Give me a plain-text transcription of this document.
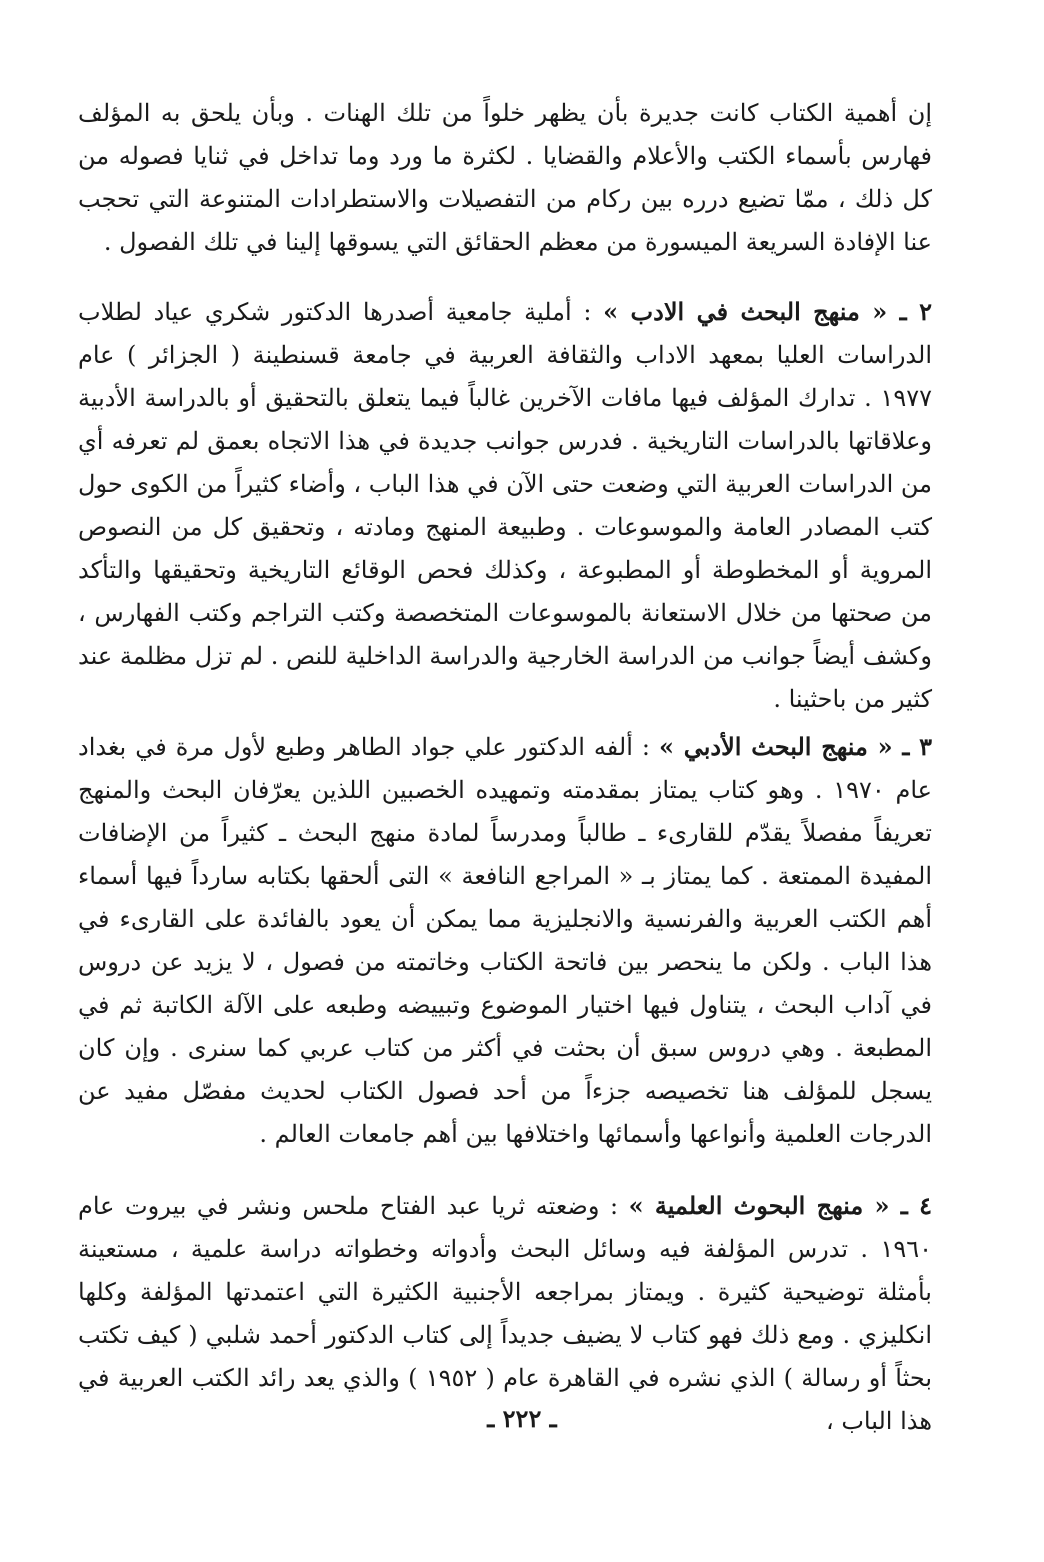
إن أهمية الكتاب كانت جديرة بأن يظهر خلواً من تلك الهنات . وبأن يلحق به المؤلف فهارس بأسماء الكتب والأعلام والقضايا . لكثرة ما ورد وما تداخل في ثنايا فصوله من كل ذلك ، ممّا تضيع درره بين ركام من التفصيلات والاستطرادات المتنوعة التي تحجب عنا الإفادة السريعة الميسورة من معظم الحقائق التي يسوقها إلينا في تلك الفصول .

٢ ـ « منهج البحث في الادب » : أملية جامعية أصدرها الدكتور شكري عياد لطلاب الدراسات العليا بمعهد الاداب والثقافة العربية في جامعة قسنطينة ( الجزائر ) عام ١٩٧٧ . تدارك المؤلف فيها مافات الآخرين غالباً فيما يتعلق بالتحقيق أو بالدراسة الأدبية وعلاقاتها بالدراسات التاريخية . فدرس جوانب جديدة في هذا الاتجاه بعمق لم تعرفه أي من الدراسات العربية التي وضعت حتى الآن في هذا الباب ، وأضاء كثيراً من الكوى حول كتب المصادر العامة والموسوعات . وطبيعة المنهج ومادته ، وتحقيق كل من النصوص المروية أو المخطوطة أو المطبوعة ، وكذلك فحص الوقائع التاريخية وتحقيقها والتأكد من صحتها من خلال الاستعانة بالموسوعات المتخصصة وكتب التراجم وكتب الفهارس ، وكشف أيضاً جوانب من الدراسة الخارجية والدراسة الداخلية للنص . لم تزل مظلمة عند كثير من باحثينا .

٣ ـ « منهج البحث الأدبي » : ألفه الدكتور علي جواد الطاهر وطبع لأول مرة في بغداد عام ١٩٧٠ . وهو كتاب يمتاز بمقدمته وتمهيده الخصبين اللذين يعرّفان البحث والمنهج تعريفاً مفصلاً يقدّم للقارىء ـ طالباً ومدرساً لمادة منهج البحث ـ كثيراً من الإضافات المفيدة الممتعة . كما يمتاز بـ « المراجع النافعة » التى ألحقها بكتابه سارداً فيها أسماء أهم الكتب العربية والفرنسية والانجليزية مما يمكن أن يعود بالفائدة على القارىء في هذا الباب . ولكن ما ينحصر بين فاتحة الكتاب وخاتمته من فصول ، لا يزيد عن دروس في آداب البحث ، يتناول فيها اختيار الموضوع وتبييضه وطبعه على الآلة الكاتبة ثم في المطبعة . وهي دروس سبق أن بحثت في أكثر من كتاب عربي كما سنرى . وإن كان يسجل للمؤلف هنا تخصيصه جزءاً من أحد فصول الكتاب لحديث مفصّل مفيد عن الدرجات العلمية وأنواعها وأسمائها واختلافها بين أهم جامعات العالم .

٤ ـ « منهج البحوث العلمية » : وضعته ثريا عبد الفتاح ملحس ونشر في بيروت عام ١٩٦٠ . تدرس المؤلفة فيه وسائل البحث وأدواته وخطواته دراسة علمية ، مستعينة بأمثلة توضيحية كثيرة . ويمتاز بمراجعه الأجنبية الكثيرة التي اعتمدتها المؤلفة وكلها انكليزي . ومع ذلك فهو كتاب لا يضيف جديداً إلى كتاب الدكتور أحمد شلبي ( كيف تكتب بحثاً أو رسالة ) الذي نشره في القاهرة عام ( ١٩٥٢ ) والذي يعد رائد الكتب العربية في هذا الباب ،

ـ ٢٢٢ ـ
